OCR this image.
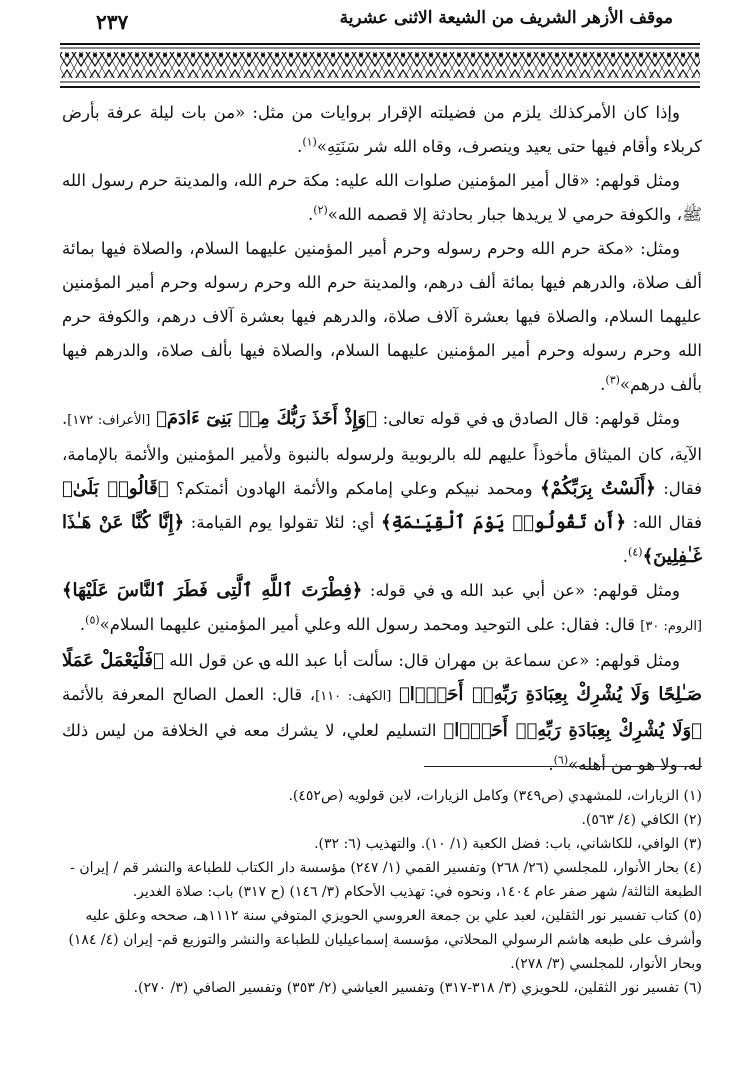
٢٣٧	موقف الأزهر الشريف من الشيعة الاثنى عشرية

وإذا كان الأمركذلك يلزم من فضيلته الإقرار بروايات من مثل: «من بات ليلة عرفة بأرض كربلاء وأقام فيها حتى يعيد وينصرف، وقاه الله شر سَنَتِهِ»$^{(١)}$.

ومثل قولهم: «قال أمير المؤمنين صلوات الله عليه: مكة حرم الله، والمدينة حرم رسول الله ﷺ، والكوفة حرمي لا يريدها جبار بحادثة إلا قصمه الله»$^{(٢)}$.

ومثل: «مكة حرم الله وحرم رسوله وحرم أمير المؤمنين عليهما السلام، والصلاة فيها بمائة ألف صلاة، والدرهم فيها بمائة ألف درهم، والمدينة حرم الله وحرم رسوله وحرم أمير المؤمنين عليهما السلام، والصلاة فيها بعشرة آلاف صلاة، والدرهم فيها بعشرة آلاف درهم، والكوفة حرم الله وحرم رسوله وحرم أمير المؤمنين عليهما السلام، والصلاة فيها بألف صلاة، والدرهم فيها بألف درهم»$^{(٣)}$.

ومثل قولهم: قال الصادق ؈ في قوله تعالى: ﴿وَإِذْ أَخَذَ رَبُّكَ مِنۢ بَنِىٓ ءَادَمَ﴾ [الأعراف: ١٧٢]. الآية، كان الميثاق مأخوذاً عليهم لله بالربوبية ولرسوله بالنبوة ولأمير المؤمنين والأئمة بالإمامة، فقال: ﴿أَلَسْتُ بِرَبِّكُمْ﴾ ومحمد نبيكم وعلي إمامكم والأئمة الهادون أئمتكم؟ ﴿قَالُوا۟ بَلَىٰ﴾ فقال الله: ﴿أَن تَقُولُوا۟ يَوْمَ ٱلْقِيَـٰمَةِ﴾ أي: لئلا تقولوا يوم القيامة: ﴿إِنَّا كُنَّا عَنْ هَـٰذَا غَـٰفِلِينَ﴾$^{(٤)}$.

ومثل قولهم: «عن أبي عبد الله ؈ في قوله: ﴿فِطْرَتَ ٱللَّهِ ٱلَّتِى فَطَرَ ٱلنَّاسَ عَلَيْهَا﴾ [الروم: ٣٠] قال: فقال: على التوحيد ومحمد رسول الله وعلي أمير المؤمنين عليهما السلام»$^{(٥)}$.

ومثل قولهم: «عن سماعة بن مهران قال: سألت أبا عبد الله ؈ عن قول الله ﴿فَلْيَعْمَلْ عَمَلًا صَـٰلِحًا وَلَا يُشْرِكْ بِعِبَادَةِ رَبِّهِۦٓ أَحَدًۢا﴾ [الكهف: ١١٠]، قال: العمل الصالح المعرفة بالأئمة ﴿وَلَا يُشْرِكْ بِعِبَادَةِ رَبِّهِۦٓ أَحَدًۢا﴾ التسليم لعلي، لا يشرك معه في الخلافة من ليس ذلك له، ولا هو من أهله»$^{(٦)}$.

(١) الزيارات، للمشهدي (ص٣٤٩) وكامل الزيارات، لابن قولويه (ص٤٥٢).

(٢) الكافي (٤/ ٥٦٣).

(٣) الوافي، للكاشاني، باب: فضل الكعبة (١/ ١٠). والتهذيب (٦: ٣٢).

(٤) بحار الأنوار، للمجلسي (٢٦/ ٢٦٨) وتفسير القمي (١/ ٢٤٧) مؤسسة دار الكتاب للطباعة والنشر قم / إيران - الطبعة الثالثة/ شهر صفر عام ١٤٠٤، ونحوه في: تهذيب الأحكام (٣/ ١٤٦) (ح ٣١٧) باب: صلاة الغدير.

(٥) كتاب تفسير نور الثقلين، لعبد علي بن جمعة العروسي الحويزي المتوفي سنة ١١١٢هـ، صححه وعلق عليه وأشرف على طبعه هاشم الرسولي المحلاتي، مؤسسة إسماعيليان للطباعة والنشر والتوزيع قم- إيران (٤/ ١٨٤) وبحار الأنوار، للمجلسي (٣/ ٢٧٨).

(٦) تفسير نور الثقلين، للحويزي (٣/ ٣١٨-٣١٧) وتفسير العياشي (٢/ ٣٥٣) وتفسير الصافي (٣/ ٢٧٠).
